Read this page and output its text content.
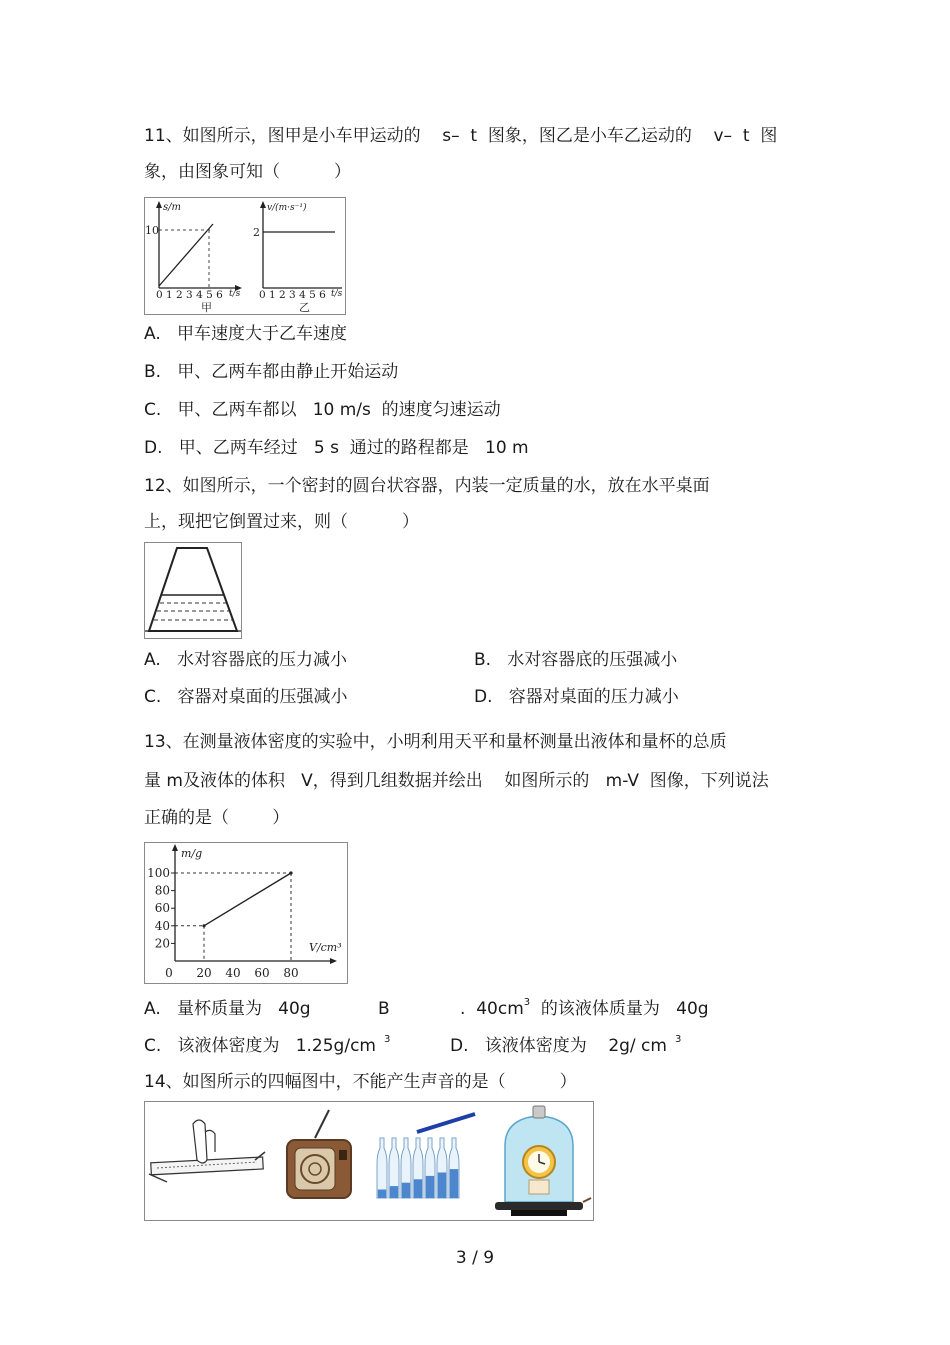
11、如图所示，图甲是小车甲运动的    s–  t  图象，图乙是小车乙运动的    v–  t  图
象，由图象可知（          ）
s/m
10
0 1 2 3 4 5 6 t/s
甲
v/(m·s⁻¹)
2
0 1 2 3 4 5 6 t/s
乙
A.   甲车速度大于乙车速度
B.   甲、乙两车都由静止开始运动
C.   甲、乙两车都以   10 m/s  的速度匀速运动
D.   甲、乙两车经过   5 s  通过的路程都是   10 m
12、如图所示，一个密封的圆台状容器，内装一定质量的水，放在水平桌面
上，现把它倒置过来，则（          ）
A.   水对容器底的压力减小	B.   水对容器底的压强减小
C.   容器对桌面的压强减小	D.   容器对桌面的压力减小
13、在测量液体密度的实验中，小明利用天平和量杯测量出液体和量杯的总质
量 m及液体的体积   V，得到几组数据并绘出    如图所示的   m-V  图像，下列说法
正确的是（        ）
m/g
V/cm³
100
80
60
40
20
0 20 40 60 80
A.   量杯质量为   40g	B	.  $40cm^3$  的该液体质量为   40g
C.   该液体密度为   1.25g/cm $^3$	D.   该液体密度为    2g/ cm $^3$
14、如图所示的四幅图中，不能产生声音的是（          ）
3 / 9
